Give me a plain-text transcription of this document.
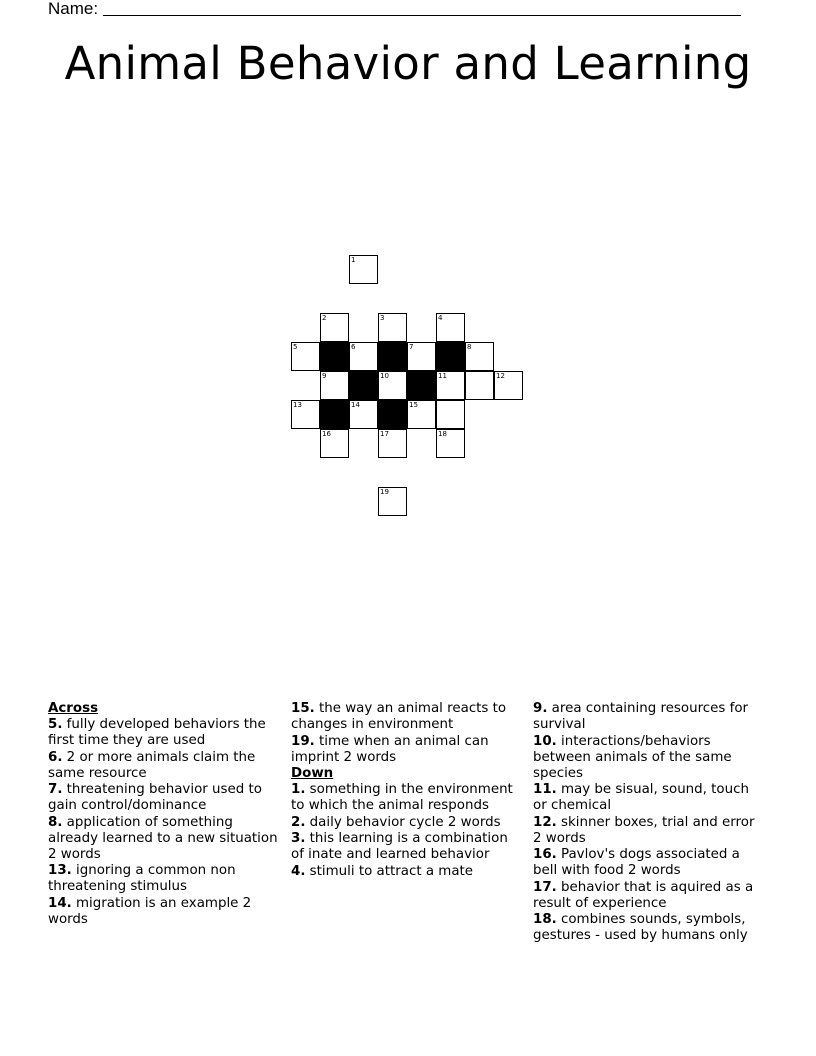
Name:
Animal Behavior and Learning
1
2	3	4
5	6	7	8
9	10	11	12
13	14	15
16	17	18
19
Across
5. fully developed behaviors the first time they are used
6. 2 or more animals claim the same resource
7. threatening behavior used to gain control/dominance
8. application of something already learned to a new situation 2 words
13. ignoring a common non threatening stimulus
14. migration is an example 2 words
15. the way an animal reacts to changes in environment
19. time when an animal can imprint 2 words
Down
1. something in the environment to which the animal responds
2. daily behavior cycle 2 words
3. this learning is a combination of inate and learned behavior
4. stimuli to attract a mate
9. area containing resources for survival
10. interactions/behaviors between animals of the same species
11. may be sisual, sound, touch or chemical
12. skinner boxes, trial and error 2 words
16. Pavlov's dogs associated a bell with food 2 words
17. behavior that is aquired as a result of experience
18. combines sounds, symbols, gestures - used by humans only
